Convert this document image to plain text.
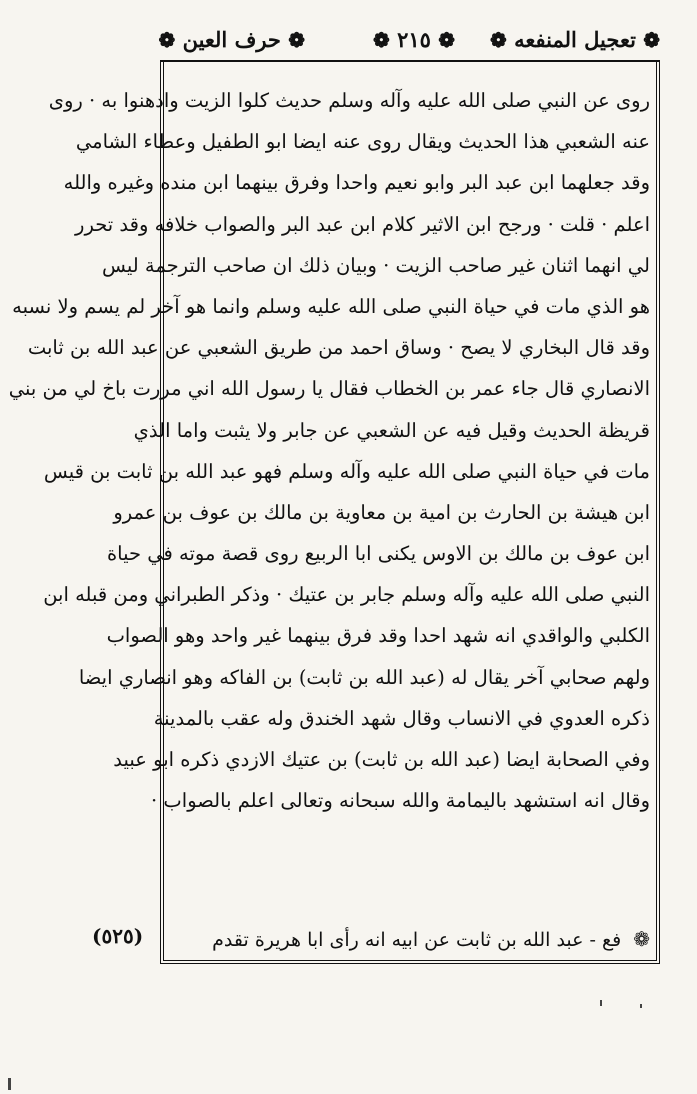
❁ تعجيل المنفعه ❁
❁ ٢١٥ ❁
❁ حرف العين ❁
روى عن النبي صلى الله عليه وآله وسلم حديث كلوا الزيت وادهنوا به · روى
عنه الشعبي هذا الحديث ويقال روى عنه ايضا ابو الطفيل وعطاء الشامي
وقد جعلهما ابن عبد البر وابو نعيم واحدا وفرق بينهما ابن منده وغيره والله
اعلم · قلت · ورجح ابن الاثير كلام ابن عبد البر والصواب خلافه وقد تحرر
لي انهما اثنان غير صاحب الزيت · وبيان ذلك ان صاحب الترجمة ليس
هو الذي مات في حياة النبي صلى الله عليه وسلم وانما هو آخر لم يسم ولا نسبه
وقد قال البخاري لا يصح · وساق احمد من طريق الشعبي عن عبد الله بن ثابت
الانصاري قال جاء عمر بن الخطاب فقال يا رسول الله اني مررت باخ لي من بني
قريظة الحديث وقيل فيه عن الشعبي عن جابر ولا يثبت واما الذي
مات في حياة النبي صلى الله عليه وآله وسلم فهو عبد الله بن ثابت بن قيس
ابن هيشة بن الحارث بن امية بن معاوية بن مالك بن عوف بن عمرو
ابن عوف بن مالك بن الاوس يكنى ابا الربيع روى قصة موته في حياة
النبي صلى الله عليه وآله وسلم جابر بن عتيك · وذكر الطبراني ومن قبله ابن
الكلبي والواقدي انه شهد احدا وقد فرق بينهما غير واحد وهو الصواب
ولهم صحابي آخر يقال له (عبد الله بن ثابت) بن الفاكه وهو انصاري ايضا
ذكره العدوي في الانساب وقال شهد الخندق وله عقب بالمدينة
وفي الصحابة ايضا (عبد الله بن ثابت) بن عتيك الازدي ذكره ابو عبيد
وقال انه استشهد باليمامة والله سبحانه وتعالى اعلم بالصواب ·
❁ فع - عبد الله بن ثابت عن ابيه انه رأى ابا هريرة تقدم
(٥٢٥)
